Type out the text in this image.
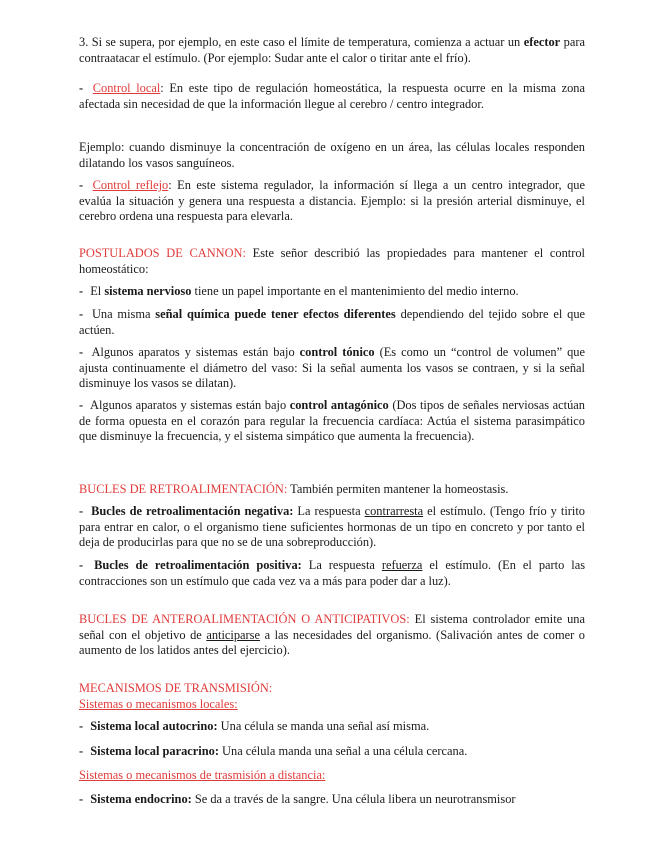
3. Si se supera, por ejemplo, en este caso el límite de temperatura, comienza a actuar un efector para contraatacar el estímulo. (Por ejemplo: Sudar ante el calor o tiritar ante el frío).

- Control local: En este tipo de regulación homeostática, la respuesta ocurre en la misma zona afectada sin necesidad de que la información llegue al cerebro / centro integrador.

Ejemplo: cuando disminuye la concentración de oxígeno en un área, las células locales responden dilatando los vasos sanguíneos.

- Control reflejo: En este sistema regulador, la información sí llega a un centro integrador, que evalúa la situación y genera una respuesta a distancia. Ejemplo: si la presión arterial disminuye, el cerebro ordena una respuesta para elevarla.

POSTULADOS DE CANNON: Este señor describió las propiedades para mantener el control homeostático:

- El sistema nervioso tiene un papel importante en el mantenimiento del medio interno.

- Una misma señal química puede tener efectos diferentes dependiendo del tejido sobre el que actúen.

- Algunos aparatos y sistemas están bajo control tónico (Es como un “control de volumen” que ajusta continuamente el diámetro del vaso: Si la señal aumenta los vasos se contraen, y si la señal disminuye los vasos se dilatan).

- Algunos aparatos y sistemas están bajo control antagónico (Dos tipos de señales nerviosas actúan de forma opuesta en el corazón para regular la frecuencia cardíaca: Actúa el sistema parasimpático que disminuye la frecuencia, y el sistema simpático que aumenta la frecuencia).

BUCLES DE RETROALIMENTACIÓN: También permiten mantener la homeostasis.

- Bucles de retroalimentación negativa: La respuesta contrarresta el estímulo. (Tengo frío y tirito para entrar en calor, o el organismo tiene suficientes hormonas de un tipo en concreto y por tanto el deja de producirlas para que no se de una sobreproducción).

- Bucles de retroalimentación positiva: La respuesta refuerza el estímulo. (En el parto las contracciones son un estímulo que cada vez va a más para poder dar a luz).

BUCLES DE ANTEROALIMENTACIÓN O ANTICIPATIVOS: El sistema controlador emite una señal con el objetivo de anticiparse a las necesidades del organismo. (Salivación antes de comer o aumento de los latidos antes del ejercicio).

MECANISMOS DE TRANSMISIÓN:
Sistemas o mecanismos locales:

- Sistema local autocrino: Una célula se manda una señal así misma.

- Sistema local paracrino: Una célula manda una señal a una célula cercana.

Sistemas o mecanismos de trasmisión a distancia:

- Sistema endocrino: Se da a través de la sangre. Una célula libera un neurotransmisor
